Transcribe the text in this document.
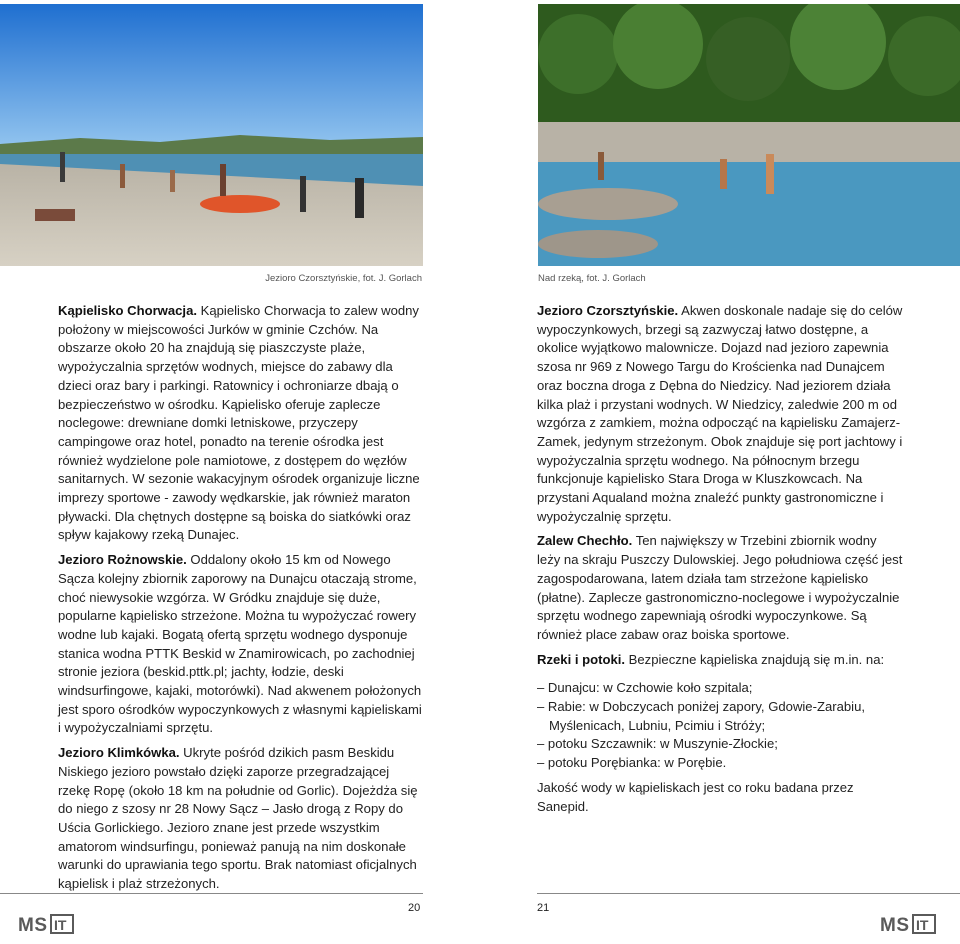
Jezioro Czorsztyńskie, fot. J. Gorlach	Nad rzeką, fot. J. Gorlach

Kąpielisko Chorwacja. Kąpielisko Chorwacja to zalew wodny położony w miejscowości Jurków w gminie Czchów. Na obszarze około 20 ha znajdują się piaszczyste plaże, wypożyczalnia sprzętów wodnych, miejsce do zabawy dla dzieci oraz bary i parkingi. Ratownicy i ochroniarze dbają o bezpieczeństwo w ośrodku. Kąpielisko oferuje zaplecze noclegowe: drewniane domki letniskowe, przyczepy campingowe oraz hotel, ponadto na terenie ośrodka jest również wydzielone pole namiotowe, z dostępem do węzłów sanitarnych. W sezonie wakacyjnym ośrodek organizuje liczne imprezy sportowe - zawody wędkarskie, jak również maraton pływacki. Dla chętnych dostępne są boiska do siatkówki oraz spływ kajakowy rzeką Dunajec.

Jezioro Rożnowskie. Oddalony około 15 km od Nowego Sącza kolejny zbiornik zaporowy na Dunajcu otaczają strome, choć niewysokie wzgórza. W Gródku znajduje się duże, popularne kąpielisko strzeżone. Można tu wypożyczać rowery wodne lub kajaki. Bogatą ofertą sprzętu wodnego dysponuje stanica wodna PTTK Beskid w Znamirowicach, po zachodniej stronie jeziora (beskid.pttk.pl; jachty, łodzie, deski windsurfingowe, kajaki, motorówki). Nad akwenem położonych jest sporo ośrodków wypoczynkowych z własnymi kąpieliskami i wypożyczalniami sprzętu.

Jezioro Klimkówka. Ukryte pośród dzikich pasm Beskidu Niskiego jezioro powstało dzięki zaporze przegradzającej rzekę Ropę (około 18 km na południe od Gorlic). Dojeżdża się do niego z szosy nr 28 Nowy Sącz – Jasło drogą z Ropy do Uścia Gorlickiego. Jezioro znane jest przede wszystkim amatorom windsurfingu, ponieważ panują na nim doskonałe warunki do uprawiania tego sportu. Brak natomiast oficjalnych kąpielisk i plaż strzeżonych.

Jezioro Czorsztyńskie. Akwen doskonale nadaje się do celów wypoczynkowych, brzegi są zazwyczaj łatwo dostępne, a okolice wyjątkowo malownicze. Dojazd nad jezioro zapewnia szosa nr 969 z Nowego Targu do Krościenka nad Dunajcem oraz boczna droga z Dębna do Niedzicy. Nad jeziorem działa kilka plaż i przystani wodnych. W Niedzicy, zaledwie 200 m od wzgórza z zamkiem, można odpocząć na kąpielisku Zamajerz-Zamek, jedynym strzeżonym. Obok znajduje się port jachtowy i wypożyczalnia sprzętu wodnego. Na północnym brzegu funkcjonuje kąpielisko Stara Droga w Kluszkowcach. Na przystani Aqualand można znaleźć punkty gastronomiczne i wypożyczalnię sprzętu.

Zalew Chechło. Ten największy w Trzebini zbiornik wodny leży na skraju Puszczy Dulowskiej. Jego południowa część jest zagospodarowana, latem działa tam strzeżone kąpielisko (płatne). Zaplecze gastronomiczno-noclegowe i wypożyczalnie sprzętu wodnego zapewniają ośrodki wypoczynkowe. Są również place zabaw oraz boiska sportowe.

Rzeki i potoki. Bezpieczne kąpieliska znajdują się m.in. na:

– Dunajcu: w Czchowie koło szpitala;
– Rabie: w Dobczycach poniżej zapory, Gdowie-Zarabiu,
Myślenicach, Lubniu, Pcimiu i Stróży;
– potoku Szczawnik: w Muszynie-Złockie;
– potoku Porębianka: w Porębie.

Jakość wody w kąpieliskach jest co roku badana przez Sanepid.

20
MS IT
21
MS IT
